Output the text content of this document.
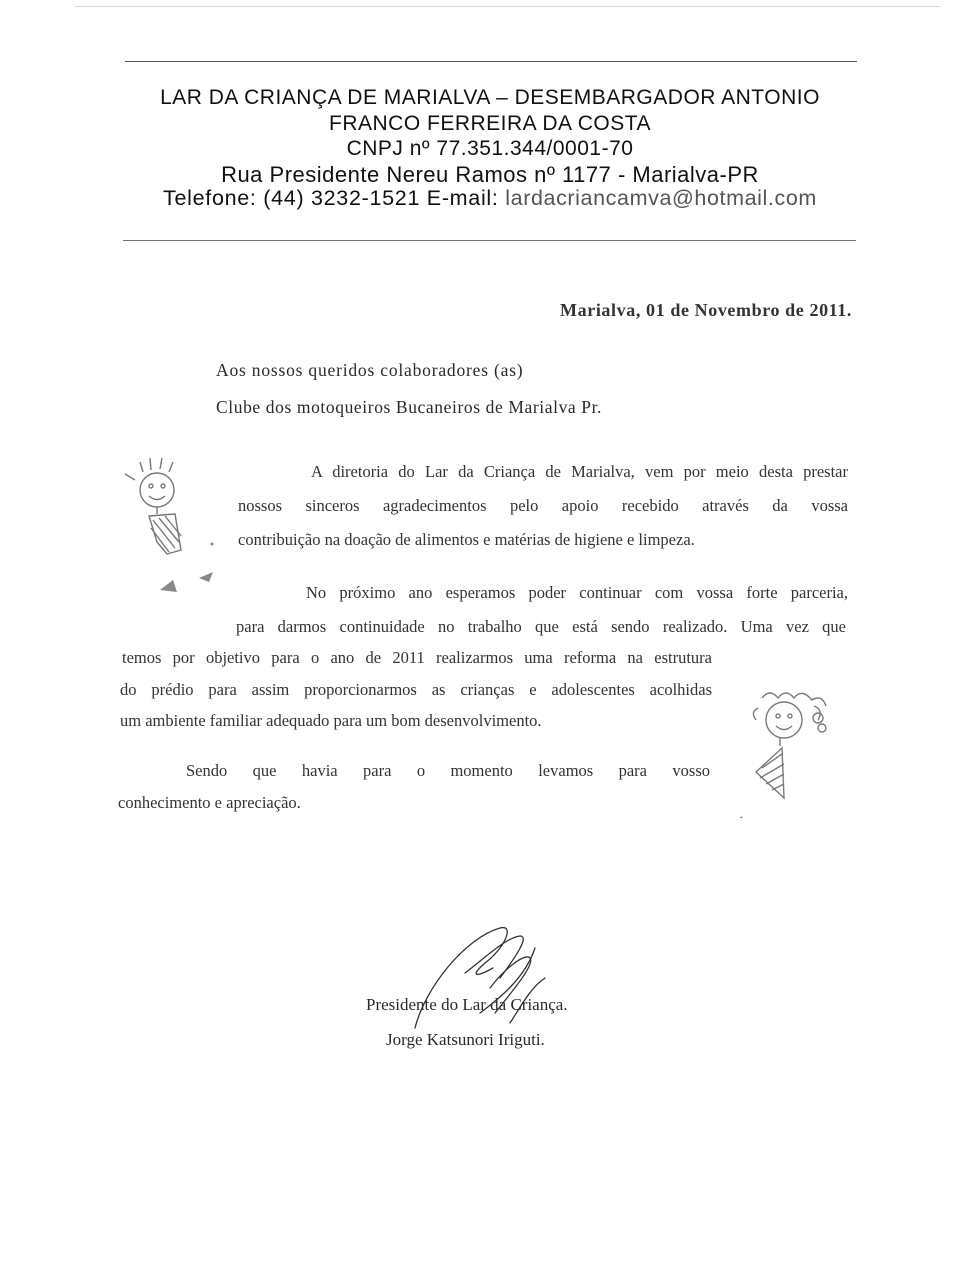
LAR DA CRIANÇA DE MARIALVA – DESEMBARGADOR ANTONIO
FRANCO FERREIRA DA COSTA
CNPJ nº 77.351.344/0001-70
Rua Presidente Nereu Ramos nº 1177 - Marialva-PR
Telefone: (44) 3232-1521 E-mail: lardacriancamva@hotmail.com
Marialva, 01 de Novembro de 2011.
Aos nossos queridos colaboradores (as)
Clube dos motoqueiros Bucaneiros de Marialva Pr.
A diretoria do Lar da Criança de Marialva, vem por meio desta prestar
nossos sinceros agradecimentos pelo apoio recebido através da vossa
contribuição na doação de alimentos e matérias de higiene e limpeza.
No próximo ano esperamos poder continuar com vossa forte parceria,
para darmos continuidade no trabalho que está sendo realizado. Uma vez que
temos por objetivo para o ano de 2011 realizarmos uma reforma na estrutura
do prédio para assim proporcionarmos as crianças e adolescentes acolhidas
um ambiente familiar adequado para um bom desenvolvimento.
Sendo que havia para o momento levamos para vosso
conhecimento e apreciação.
Presidente do Lar da Criança.
Jorge Katsunori Iriguti.
